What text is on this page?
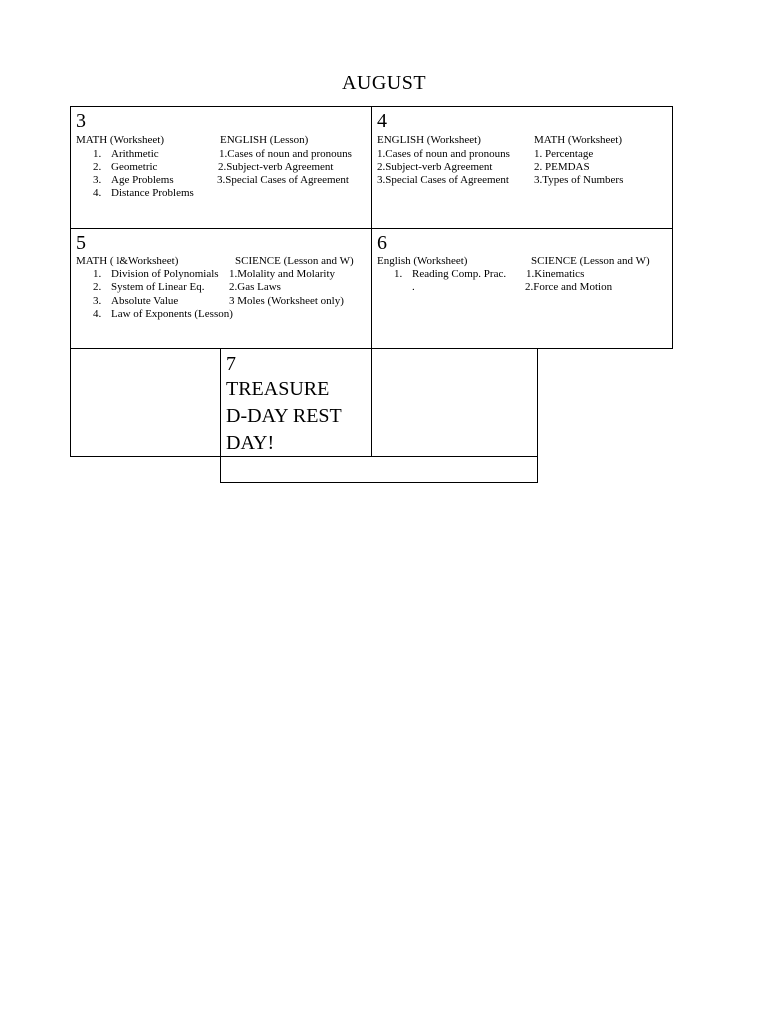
AUGUST
3
MATH (Worksheet)
1. Arithmetic
2. Geometric
3. Age Problems
4. Distance Problems
ENGLISH (Lesson)
1.Cases of noun and pronouns
2.Subject-verb Agreement
3.Special Cases of Agreement
4
ENGLISH (Worksheet)
1.Cases of noun and pronouns
2.Subject-verb Agreement
3.Special Cases of Agreement
MATH (Worksheet)
1. Percentage
2. PEMDAS
3.Types of Numbers
5
MATH ( l&Worksheet)
1. Division of Polynomials
2. System of Linear Eq.
3. Absolute Value
4. Law of Exponents (Lesson)
SCIENCE (Lesson and W)
1.Molality and Molarity
2.Gas Laws
3 Moles (Worksheet only)
6
English (Worksheet)
1. Reading Comp. Prac.
.
SCIENCE (Lesson and W)
1.Kinematics
2.Force and Motion
7
TREASURE
D-DAY REST
DAY!
